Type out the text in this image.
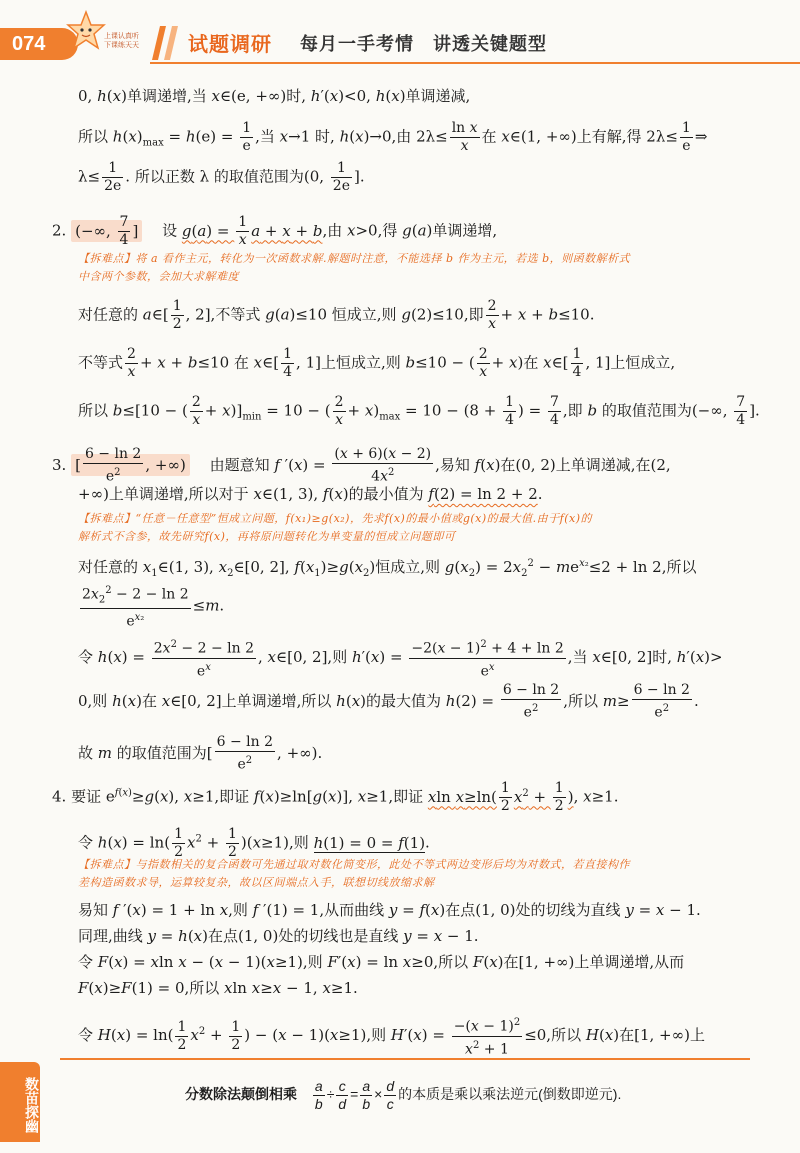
074	上课认真听
下课练天天 试题调研 每月一手考情　讲透关键题型
0, h(x)单调递增,当 x∈(e, +∞)时, h′(x)<0, h(x)单调递减,
所以 $h(x)_{max} = h(e) = \frac{1}{e}$ ,当 x→1 时, h(x)→0,由 $2\lambda\le \frac{\text{ln x}}{x}$ 在 x∈(1, +∞)上有解,得 $2\lambda\le \frac{1}{e}$ ⇒
$\lambda\le \frac{1}{2e}$ . 所以正数 λ 的取值范围为(0, $\frac{1}{2e}$ ].
2. (−∞, $\frac{7}{4}$ ]　 设 $g(a) = \frac{1}{x}$ a + x + b,由 x>0,得 g(a)单调递增,
【拆难点】将 a 看作主元，转化为一次函数求解.解题时注意，不能选择 b 作为主元，若选 b，则函数解析式
中含两个参数，会加大求解难度
对任意的 a∈[ $\frac{1}{2}$ , 2],不等式 g(a)≤10 恒成立,则 g(2)≤10,即 $\frac{2}{x} + x + b\le 10$.
不等式 $\frac{2}{x} + x + b\le 10$ 在 x∈[ $\frac{1}{4}$ , 1]上恒成立,则 b≤10 − ( $\frac{2}{x} + x$)在 x∈[ $\frac{1}{4}$ , 1]上恒成立,
所以 b≤[10 − ( $\frac{2}{x} + x)]_{min} = 10$ − ( $\frac{2}{x} + x)_{max} = 10 - (8 + \frac{1}{4}$ ) = $\frac{7}{4}$ ,即 b 的取值范围为(−∞, $\frac{7}{4}$ ].
3. [ $\frac{6 - \ln 2}{e^2}$ , +∞)　 由题意知 f $'(x) = \frac{(x + 6)(x - 2)}{4x^2}$ ,易知 f(x)在(0, 2)上单调递减,在(2,
+∞)上单调递增,所以对于 x∈(1, 3), f(x)的最小值为 f(2) = ln 2 + 2.
【拆难点】“任意－任意型”恒成立问题，f(x₁)≥g(x₂)，先求f(x)的最小值或g(x)的最大值.由于f(x)的
解析式不含参，故先研究f(x)，再将原问题转化为单变量的恒成立问题即可
对任意的 $x_1\in(1$, 3), $x_2\in[0$, 2], $f(x_1)\ge g(x_2)$恒成立,则 $g(x_2) = 2x_2^2 - me^{x_2}\le 2 + \ln 2$,所以
$\frac{2x_2^2 - 2 - \ln 2}{e^{x_2}} \le m$.
令 $h(x) = \frac{2x^2 - 2 - \ln 2}{e^x}$ , x∈[0, 2],则 $h'(x) = \frac{-2(x - 1)^2 + 4 + \ln 2}{e^x}$ ,当 x∈[0, 2]时, h′(x)>
0,则 h(x)在 x∈[0, 2]上单调递增,所以 h(x)的最大值为 $h(2) = \frac{6 - \ln 2}{e^2}$ ,所以 $m\ge \frac{6 - \ln 2}{e^2}$ .
故 m 的取值范围为[ $\frac{6 - \ln 2}{e^2}$ , +∞).
4. 要证 $e^{f(x)}\ge g(x)$, x≥1,即证 f(x)≥ln[g(x)], x≥1,即证 xln $x\ge\ln( \frac{1}{2} x^2 + \frac{1}{2}$ ), x≥1.
令 $h(x) = \ln( \frac{1}{2} x^2 + \frac{1}{2} )(x\ge 1)$,则 h(1) = 0 = f(1).
【拆难点】与指数相关的复合函数可先通过取对数化简变形，此处不等式两边变形后均为对数式，若直接构作
差构造函数求导，运算较复杂，故以区间端点入手，联想切线放缩求解
易知 f ′(x) = 1 + ln x,则 f ′(1) = 1,从而曲线 y = f(x)在点(1, 0)处的切线为直线 y = x − 1.
同理,曲线 y = h(x)在点(1, 0)处的切线也是直线 y = x − 1.
令 F(x) = xln x − (x − 1)(x≥1),则 F′(x) = ln x≥0,所以 F(x)在[1, +∞)上单调递增,从而
F(x)≥F(1) = 0,所以 xln x≥x − 1, x≥1.
令 $H(x) = \ln( \frac{1}{2} x^2 + \frac{1}{2}$ ) − (x − 1)(x≥1),则 $H'(x) = \frac{-(x - 1)^2}{x^2 + 1} \le 0$,所以 H(x)在[1, +∞)上
数苗探幽	分数除法颠倒相乘 $\frac{a}{b} \div \frac{c}{d} = \frac{a}{b} \times \frac{d}{c}$ 的本质是乘以乘法逆元(倒数即逆元).
